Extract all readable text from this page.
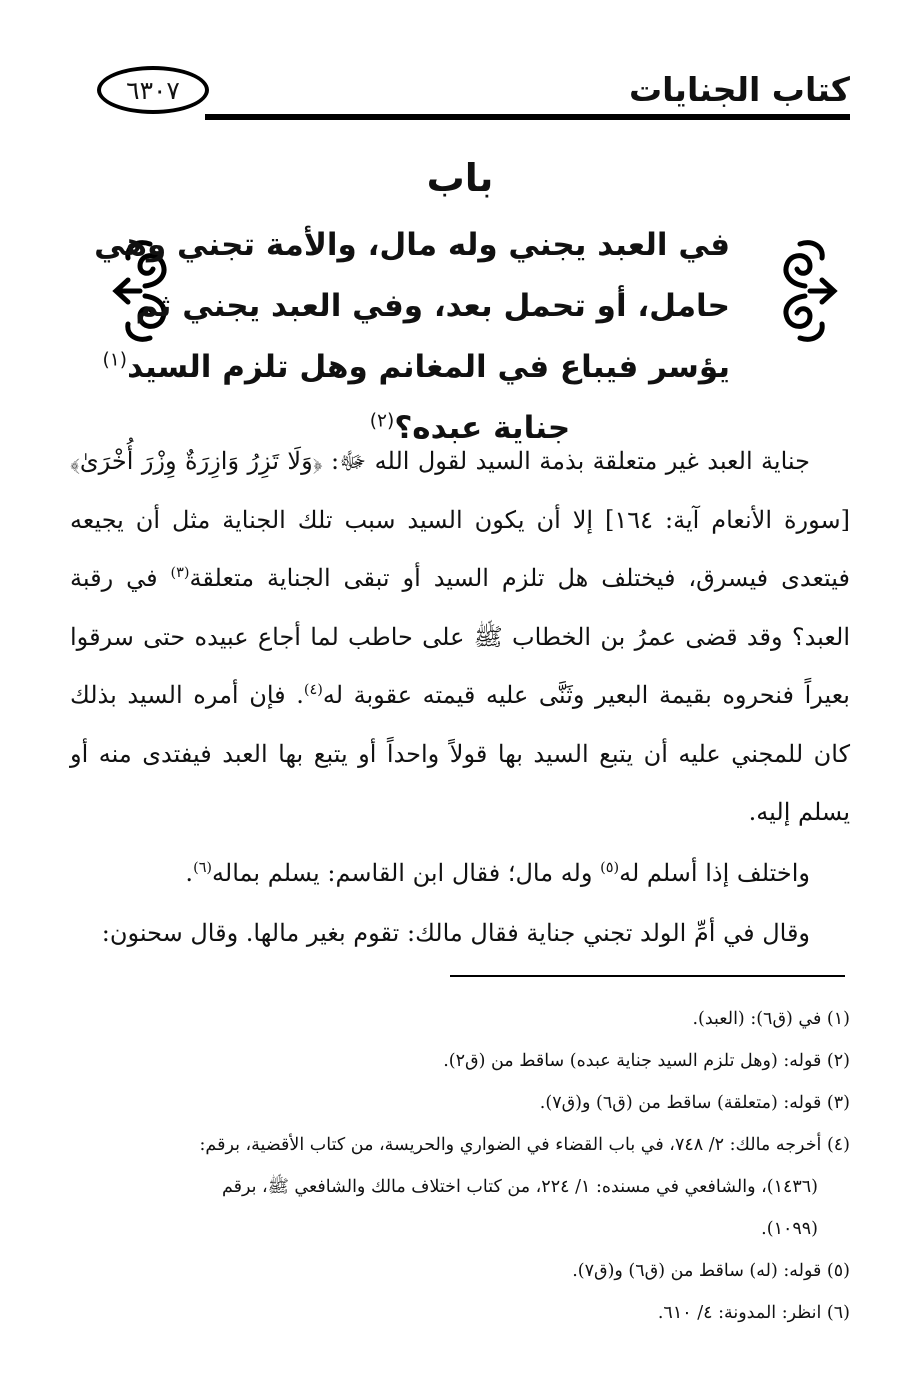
كتاب الجنايات
٦٣٠٧
باب
في العبد يجني وله مال، والأمة تجني وهي
حامل، أو تحمل بعد، وفي العبد يجني ثم
يؤسر فيباع في المغانم وهل تلزم السيد$^{(١)}$
جناية عبده؟$^{(٢)}$

جناية العبد غير متعلقة بذمة السيد لقول الله ﷻ: ﴿وَلَا تَزِرُ وَازِرَةٌ وِزْرَ أُخْرَىٰ﴾ [سورة الأنعام آية: ١٦٤] إلا أن يكون السيد سبب تلك الجناية مثل أن يجيعه فيتعدى فيسرق، فيختلف هل تلزم السيد أو تبقى الجناية متعلقة$^{(٣)}$ في رقبة العبد؟ وقد قضى عمرُ بن الخطاب ﷺ على حاطب لما أجاع عبيده حتى سرقوا بعيراً فنحروه بقيمة البعير وثَنَّى عليه قيمته عقوبة له$^{(٤)}$. فإن أمره السيد بذلك كان للمجني عليه أن يتبع السيد بها قولاً واحداً أو يتبع بها العبد فيفتدى منه أو يسلم إليه.

واختلف إذا أسلم له$^{(٥)}$ وله مال؛ فقال ابن القاسم: يسلم بماله$^{(٦)}$.

وقال في أمِّ الولد تجني جناية فقال مالك: تقوم بغير مالها. وقال سحنون:

(١) في (ق٦): (العبد).

(٢) قوله: (وهل تلزم السيد جناية عبده) ساقط من (ق٢).

(٣) قوله: (متعلقة) ساقط من (ق٦) و(ق٧).

(٤) أخرجه مالك: ٢/ ٧٤٨، في باب القضاء في الضواري والحريسة، من كتاب الأقضية، برقم:

(١٤٣٦)، والشافعي في مسنده: ١/ ٢٢٤، من كتاب اختلاف مالك والشافعي ﷺ، برقم

(١٠٩٩).

(٥) قوله: (له) ساقط من (ق٦) و(ق٧).

(٦) انظر: المدونة: ٤/ ٦١٠.
